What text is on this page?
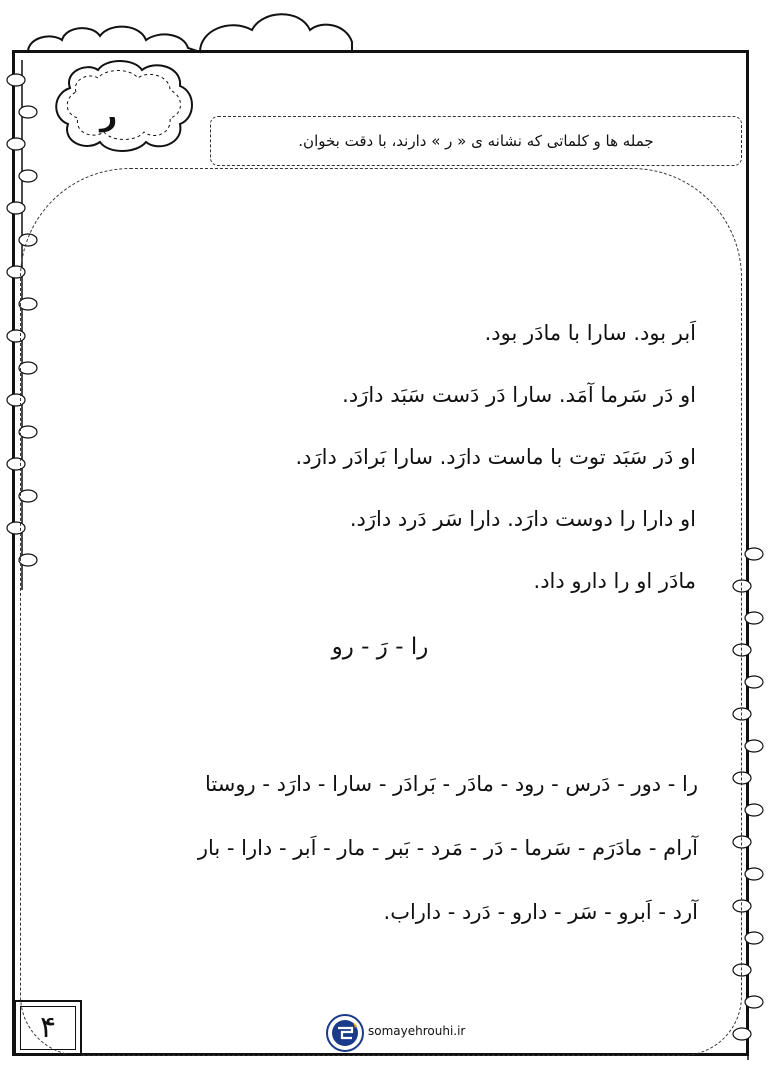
ر
جمله ها و کلماتی که نشانه ی « ر » دارند، با دقت بخوان.
اَبر بود. سارا با مادَر بود.
او دَر سَرما آمَد. سارا دَر دَست سَبَد دارَد.
او دَر سَبَد توت با ماست دارَد. سارا بَرادَر دارَد.
او دارا را دوست دارَد. دارا سَر دَرد دارَد.
مادَر او را دارو داد.
را - رَ - رو
را - دور - دَرس - رود - مادَر - بَرادَر - سارا - دارَد - روستا
آرام - مادَرَم - سَرما - دَر - مَرد - بَبر - مار - اَبر - دارا - بار
آرد - اَبرو - سَر - دارو - دَرد - داراب.
۴	somayehrouhi.ir
